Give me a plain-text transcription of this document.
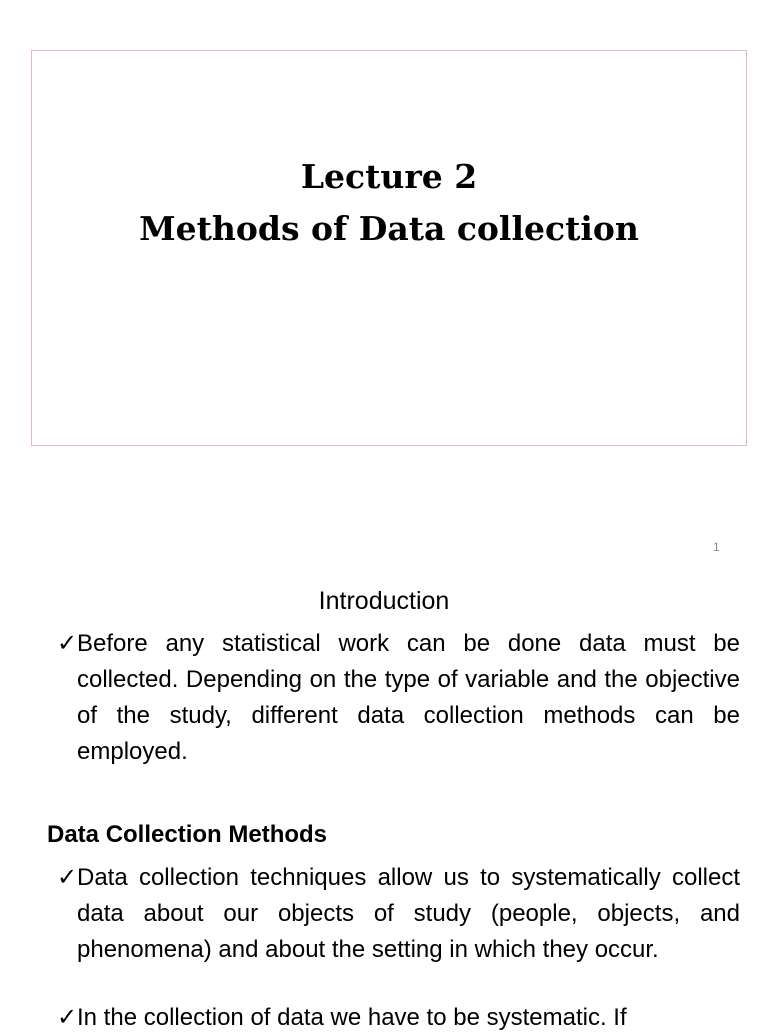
Lecture 2
Methods of Data collection
1
Introduction
✓ Before any statistical work can be done data must be collected. Depending on the type of variable and the objective of the study, different data collection methods can be employed.
Data Collection Methods
✓ Data collection techniques allow us to systematically collect data about our objects of study (people, objects, and phenomena) and about the setting in which they occur.
✓ In the collection of data we have to be systematic. If
